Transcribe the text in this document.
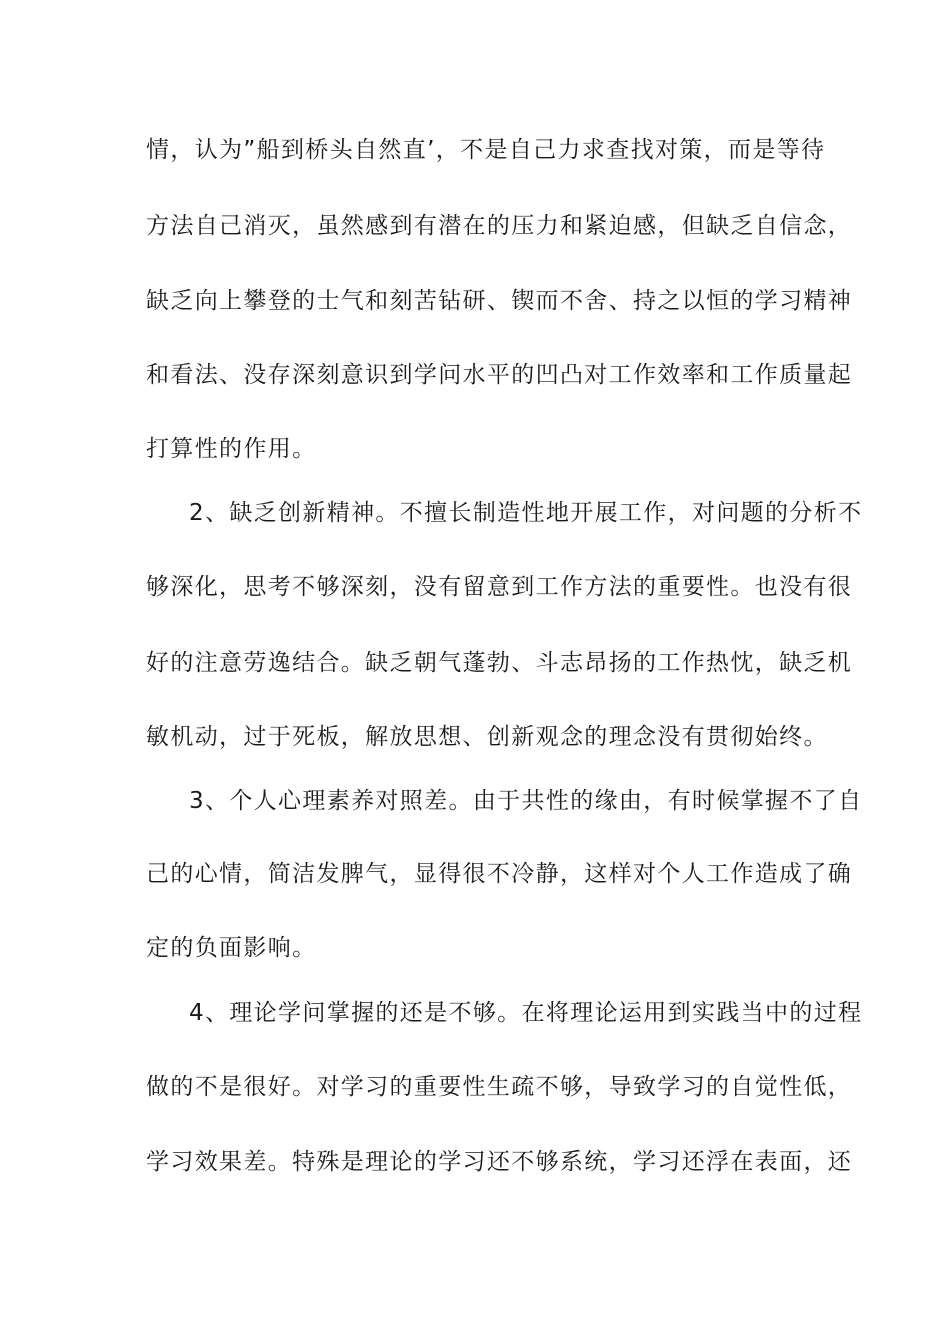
情，认为”船到桥头自然直’，不是自己力求查找对策，而是等待
方法自己消灭，虽然感到有潜在的压力和紧迫感，但缺乏自信念，
缺乏向上攀登的士气和刻苦钻研、锲而不舍、持之以恒的学习精神
和看法、没存深刻意识到学问水平的凹凸对工作效率和工作质量起
打算性的作用。
2、缺乏创新精神。不擅长制造性地开展工作，对问题的分析不
够深化，思考不够深刻，没有留意到工作方法的重要性。也没有很
好的注意劳逸结合。缺乏朝气蓬勃、斗志昂扬的工作热忱，缺乏机
敏机动，过于死板，解放思想、创新观念的理念没有贯彻始终。
3、个人心理素养对照差。由于共性的缘由，有时候掌握不了自
己的心情，简洁发脾气，显得很不冷静，这样对个人工作造成了确
定的负面影响。
4、理论学问掌握的还是不够。在将理论运用到实践当中的过程
做的不是很好。对学习的重要性生疏不够，导致学习的自觉性低，
学习效果差。特殊是理论的学习还不够系统，学习还浮在表面，还
